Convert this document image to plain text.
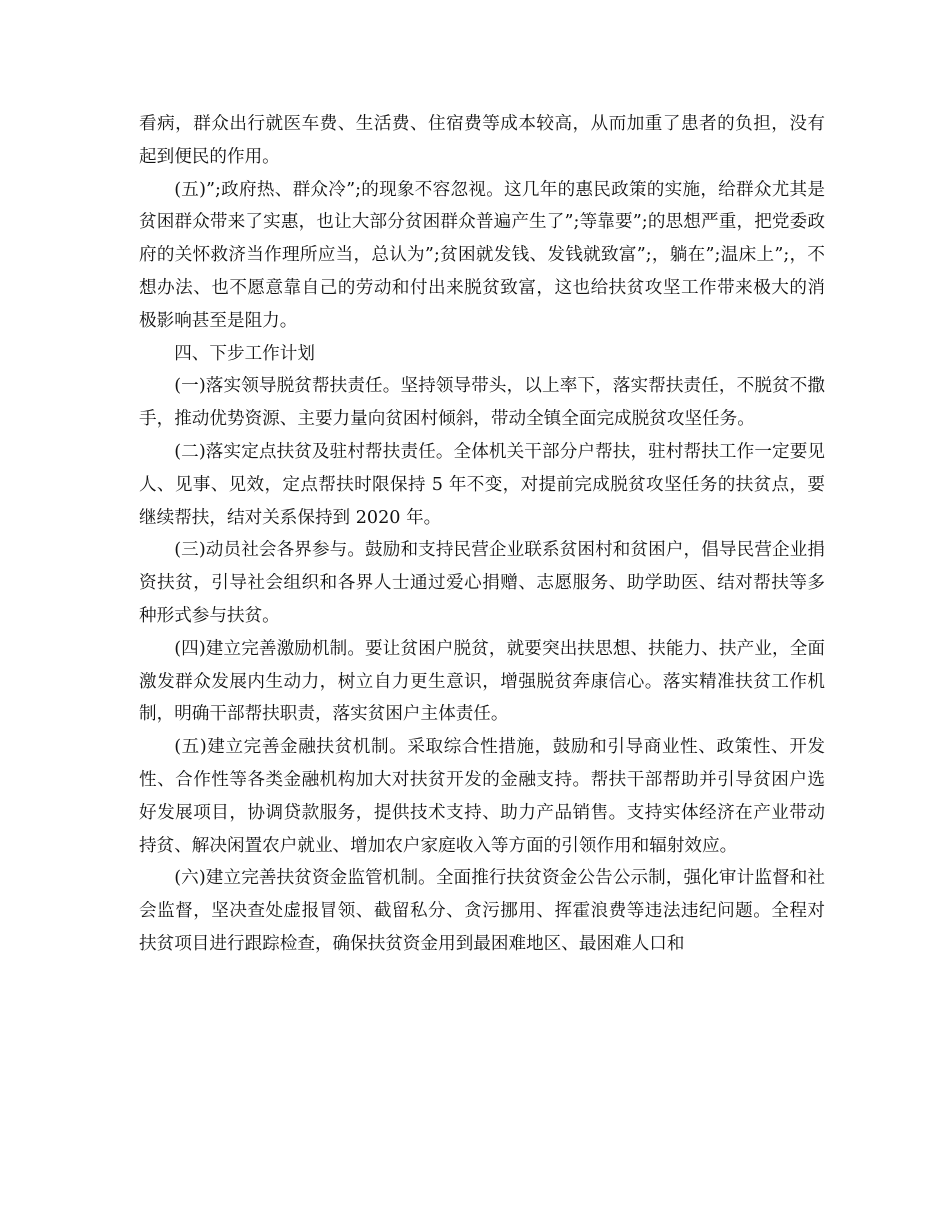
看病，群众出行就医车费、生活费、住宿费等成本较高，从而加重了患者的负担，没有起到便民的作用。

(五)”;政府热、群众冷”;的现象不容忽视。这几年的惠民政策的实施，给群众尤其是贫困群众带来了实惠，也让大部分贫困群众普遍产生了”;等靠要”;的思想严重，把党委政府的关怀救济当作理所应当，总认为”;贫困就发钱、发钱就致富”;，躺在”;温床上”;，不想办法、也不愿意靠自己的劳动和付出来脱贫致富，这也给扶贫攻坚工作带来极大的消极影响甚至是阻力。

四、下步工作计划

(一)落实领导脱贫帮扶责任。坚持领导带头，以上率下，落实帮扶责任，不脱贫不撒手，推动优势资源、主要力量向贫困村倾斜，带动全镇全面完成脱贫攻坚任务。

(二)落实定点扶贫及驻村帮扶责任。全体机关干部分户帮扶，驻村帮扶工作一定要见人、见事、见效，定点帮扶时限保持 5 年不变，对提前完成脱贫攻坚任务的扶贫点，要继续帮扶，结对关系保持到 2020 年。

(三)动员社会各界参与。鼓励和支持民营企业联系贫困村和贫困户，倡导民营企业捐资扶贫，引导社会组织和各界人士通过爱心捐赠、志愿服务、助学助医、结对帮扶等多种形式参与扶贫。

(四)建立完善激励机制。要让贫困户脱贫，就要突出扶思想、扶能力、扶产业，全面激发群众发展内生动力，树立自力更生意识，增强脱贫奔康信心。落实精准扶贫工作机制，明确干部帮扶职责，落实贫困户主体责任。

(五)建立完善金融扶贫机制。采取综合性措施，鼓励和引导商业性、政策性、开发性、合作性等各类金融机构加大对扶贫开发的金融支持。帮扶干部帮助并引导贫困户选好发展项目，协调贷款服务，提供技术支持、助力产品销售。支持实体经济在产业带动持贫、解决闲置农户就业、增加农户家庭收入等方面的引领作用和辐射效应。

(六)建立完善扶贫资金监管机制。全面推行扶贫资金公告公示制，强化审计监督和社会监督，坚决查处虚报冒领、截留私分、贪污挪用、挥霍浪费等违法违纪问题。全程对扶贫项目进行跟踪检查，确保扶贫资金用到最困难地区、最困难人口和
